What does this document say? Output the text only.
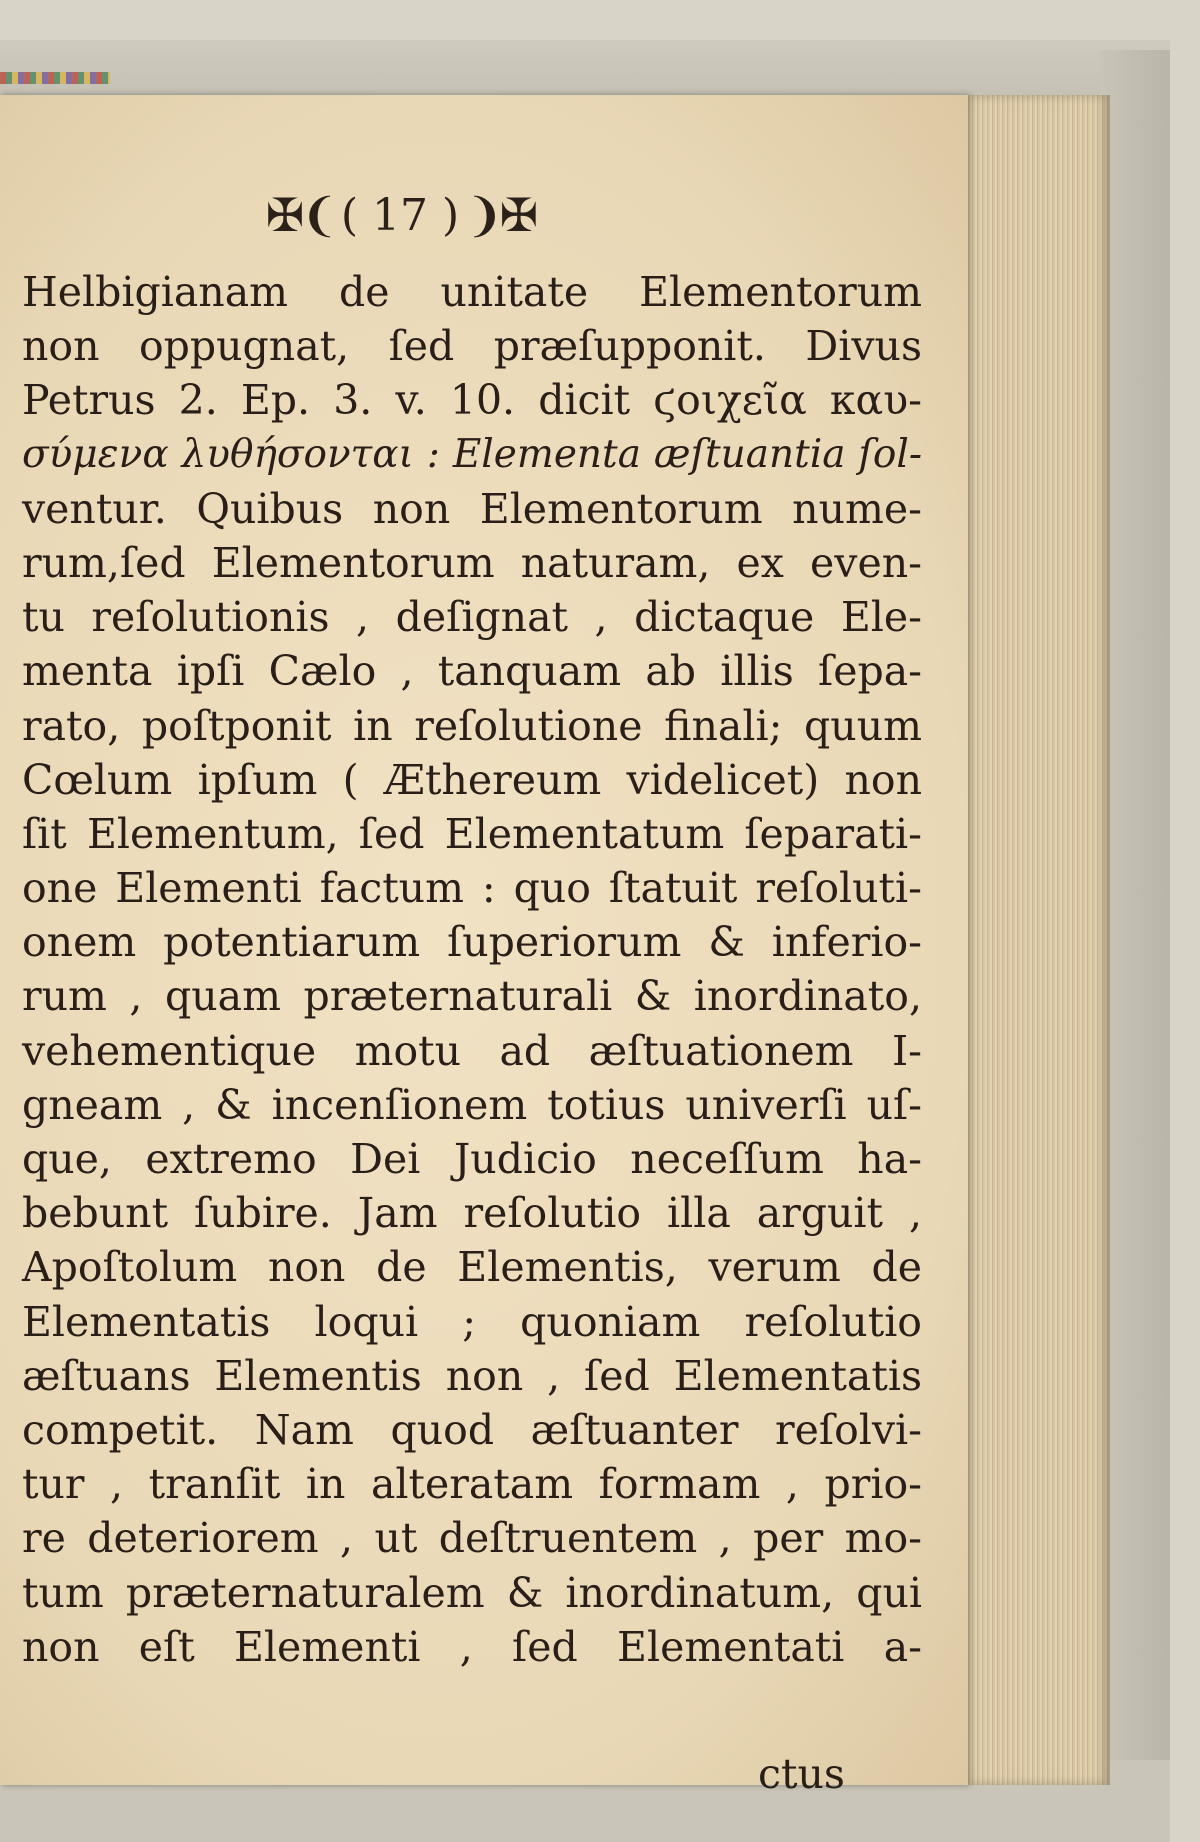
✠❨ ( 17 ) ❩✠
Helbigianam de unitate Elementorum
non oppugnat, ſed præſupponit. Divus
Petrus 2. Ep. 3. v. 10. dicit ϛοιχεῖα καυ-
σύμενα λυθήσονται : Elementa æſtuantia ſol-
ventur. Quibus non Elementorum nume-
rum,ſed Elementorum naturam, ex even-
tu reſolutionis , deſignat , dictaque Ele-
menta ipſi Cælo , tanquam ab illis ſepa-
rato, poſtponit in reſolutione finali; quum
Cœlum ipſum ( Æthereum videlicet) non
ſit Elementum, ſed Elementatum ſeparati-
one Elementi factum : quo ſtatuit reſoluti-
onem potentiarum ſuperiorum & inferio-
rum , quam præternaturali & inordinato,
vehementique motu ad æſtuationem I-
gneam , & incenſionem totius univerſi uſ-
que, extremo Dei Judicio neceſſum ha-
bebunt ſubire. Jam reſolutio illa arguit ,
Apoſtolum non de Elementis, verum de
Elementatis loqui ; quoniam reſolutio
æſtuans Elementis non , ſed Elementatis
competit. Nam quod æſtuanter reſolvi-
tur , tranſit in alteratam formam , prio-
re deteriorem , ut deſtruentem , per mo-
tum præternaturalem & inordinatum, qui
non eſt Elementi , ſed Elementati a-
ctus
